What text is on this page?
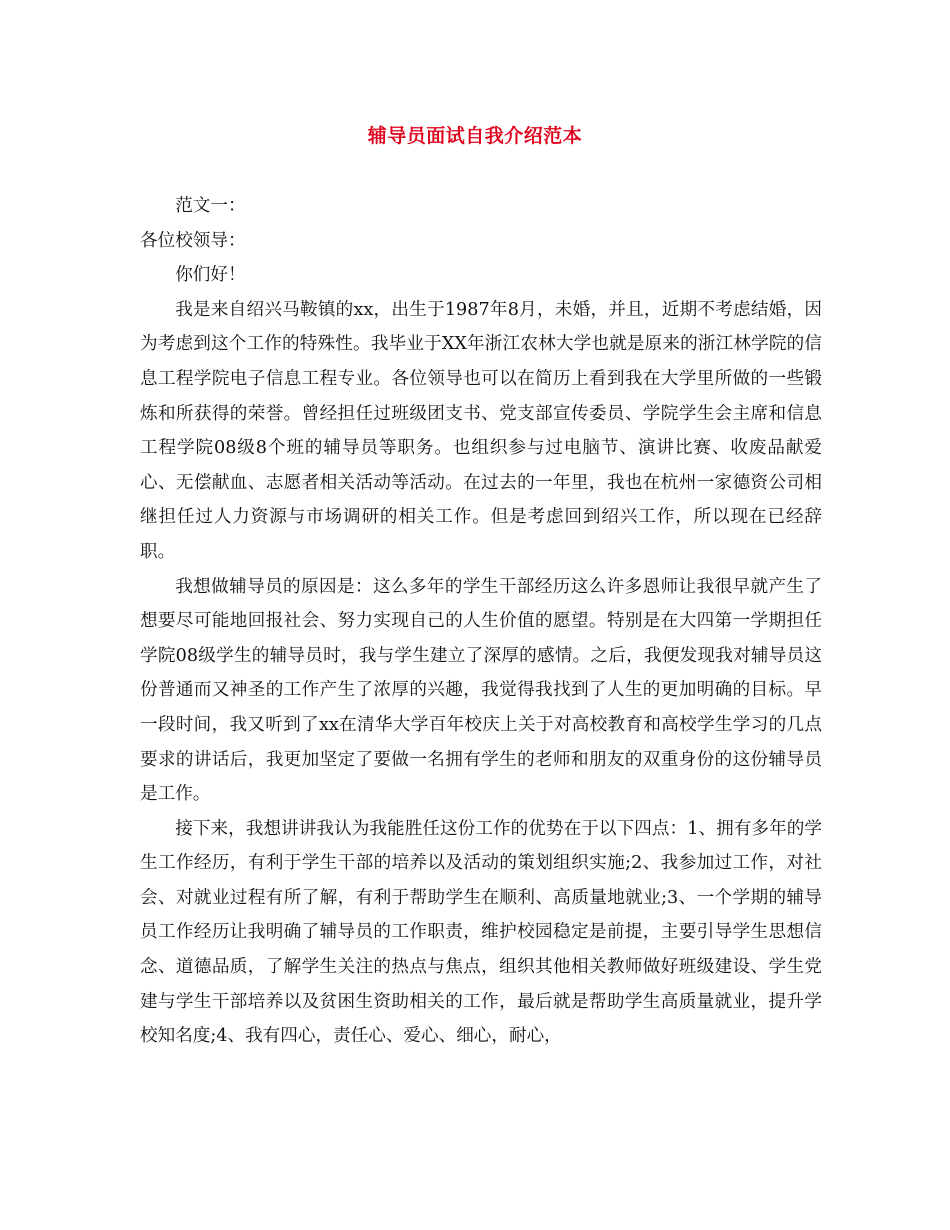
辅导员面试自我介绍范本

范文一：

各位校领导：

你们好！

我是来自绍兴马鞍镇的xx，出生于1987年8月，未婚，并且，近期不考虑结婚，因为考虑到这个工作的特殊性。我毕业于XX年浙江农林大学也就是原来的浙江林学院的信息工程学院电子信息工程专业。各位领导也可以在简历上看到我在大学里所做的一些锻炼和所获得的荣誉。曾经担任过班级团支书、党支部宣传委员、学院学生会主席和信息工程学院08级8个班的辅导员等职务。也组织参与过电脑节、演讲比赛、收废品献爱心、无偿献血、志愿者相关活动等活动。在过去的一年里，我也在杭州一家德资公司相继担任过人力资源与市场调研的相关工作。但是考虑回到绍兴工作，所以现在已经辞职。

我想做辅导员的原因是：这么多年的学生干部经历这么许多恩师让我很早就产生了想要尽可能地回报社会、努力实现自己的人生价值的愿望。特别是在大四第一学期担任学院08级学生的辅导员时，我与学生建立了深厚的感情。之后，我便发现我对辅导员这份普通而又神圣的工作产生了浓厚的兴趣，我觉得我找到了人生的更加明确的目标。早一段时间，我又听到了xx在清华大学百年校庆上关于对高校教育和高校学生学习的几点要求的讲话后，我更加坚定了要做一名拥有学生的老师和朋友的双重身份的这份辅导员是工作。

接下来，我想讲讲我认为我能胜任这份工作的优势在于以下四点：1、拥有多年的学生工作经历，有利于学生干部的培养以及活动的策划组织实施;2、我参加过工作，对社会、对就业过程有所了解，有利于帮助学生在顺利、高质量地就业;3、一个学期的辅导员工作经历让我明确了辅导员的工作职责，维护校园稳定是前提，主要引导学生思想信念、道德品质，了解学生关注的热点与焦点，组织其他相关教师做好班级建设、学生党建与学生干部培养以及贫困生资助相关的工作，最后就是帮助学生高质量就业，提升学校知名度;4、我有四心，责任心、爱心、细心，耐心，
